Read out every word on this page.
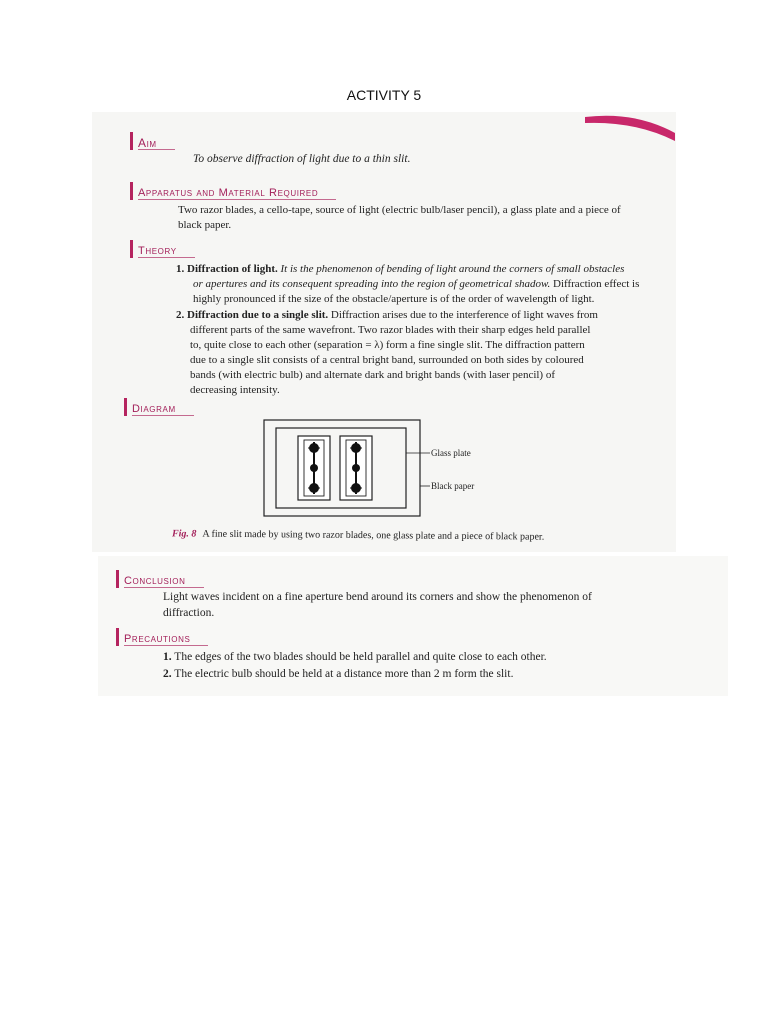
ACTIVITY 5
Aim
To observe diffraction of light due to a thin slit.
Apparatus and Material Required
Two razor blades, a cello-tape, source of light (electric bulb/laser pencil), a glass plate and a piece of
black paper.
Theory
1. Diffraction of light. It is the phenomenon of bending of light around the corners of small obstacles
or apertures and its consequent spreading into the region of geometrical shadow. Diffraction effect is
highly pronounced if the size of the obstacle/aperture is of the order of wavelength of light.
2. Diffraction due to a single slit. Diffraction arises due to the interference of light waves from
different parts of the same wavefront. Two razor blades with their sharp edges held parallel
to, quite close to each other (separation = λ) form a fine single slit. The diffraction pattern
due to a single slit consists of a central bright band, surrounded on both sides by coloured
bands (with electric bulb) and alternate dark and bright bands (with laser pencil) of
decreasing intensity.
Diagram
Glass plate
Black paper
Fig. 8 A fine slit made by using two razor blades, one glass plate and a piece of black paper.
Conclusion
Light waves incident on a fine aperture bend around its corners and show the phenomenon of
diffraction.
Precautions
1. The edges of the two blades should be held parallel and quite close to each other.
2. The electric bulb should be held at a distance more than 2 m form the slit.
